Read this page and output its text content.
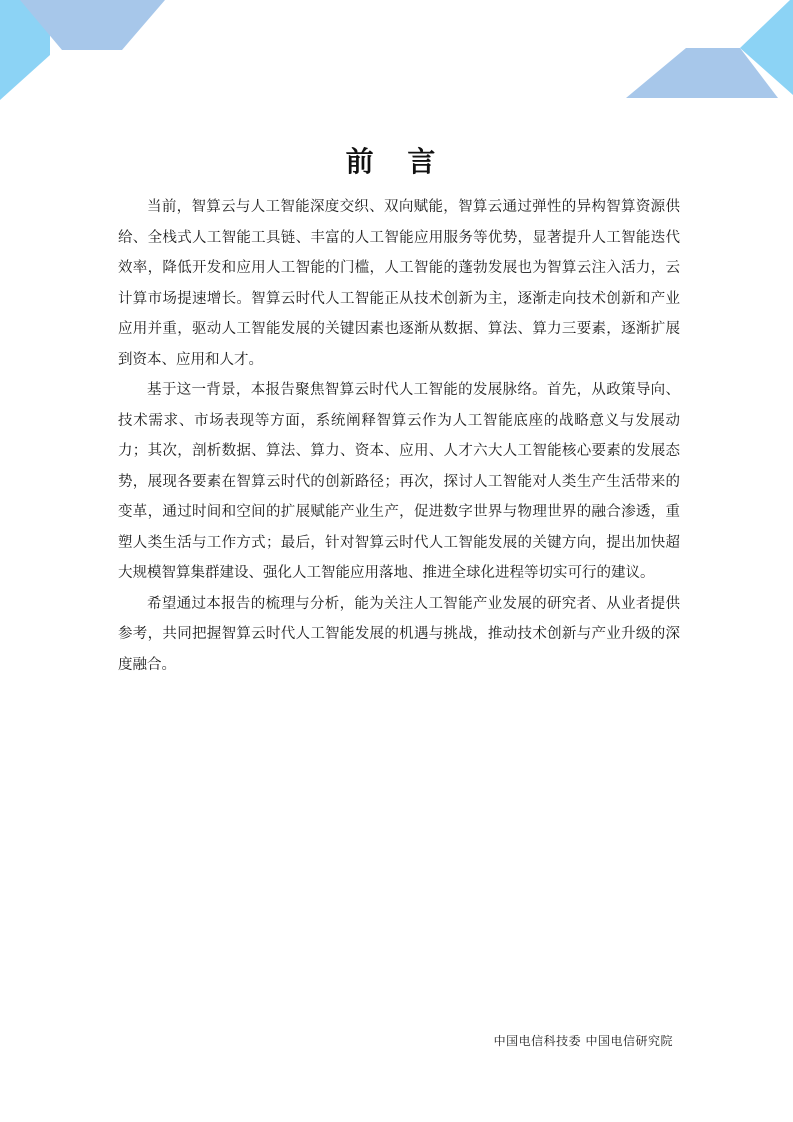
前 言

当前，智算云与人工智能深度交织、双向赋能，智算云通过弹性的异构智算资源供给、全栈式人工智能工具链、丰富的人工智能应用服务等优势，显著提升人工智能迭代效率，降低开发和应用人工智能的门槛，人工智能的蓬勃发展也为智算云注入活力，云计算市场提速增长。智算云时代人工智能正从技术创新为主，逐渐走向技术创新和产业应用并重，驱动人工智能发展的关键因素也逐渐从数据、算法、算力三要素，逐渐扩展到资本、应用和人才。

基于这一背景，本报告聚焦智算云时代人工智能的发展脉络。首先，从政策导向、技术需求、市场表现等方面，系统阐释智算云作为人工智能底座的战略意义与发展动力；其次，剖析数据、算法、算力、资本、应用、人才六大人工智能核心要素的发展态势，展现各要素在智算云时代的创新路径；再次，探讨人工智能对人类生产生活带来的变革，通过时间和空间的扩展赋能产业生产，促进数字世界与物理世界的融合渗透，重塑人类生活与工作方式；最后，针对智算云时代人工智能发展的关键方向，提出加快超大规模智算集群建设、强化人工智能应用落地、推进全球化进程等切实可行的建议。

希望通过本报告的梳理与分析，能为关注人工智能产业发展的研究者、从业者提供参考，共同把握智算云时代人工智能发展的机遇与挑战，推动技术创新与产业升级的深度融合。

中国电信科技委 中国电信研究院
